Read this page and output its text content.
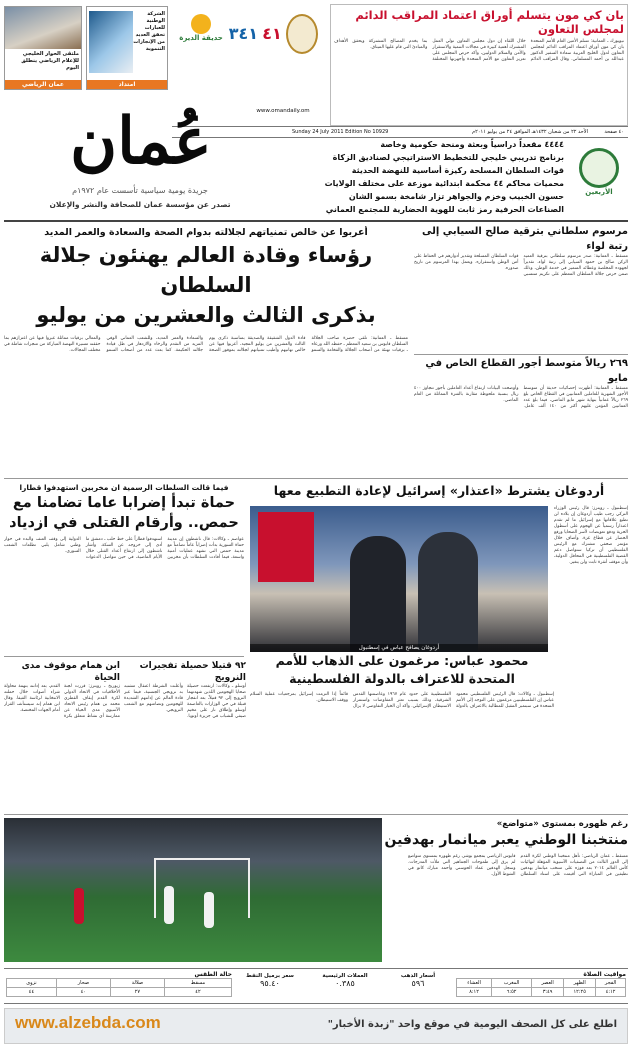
ملتقى الحوار الخليجي للإعلام الرياضي ينطلق اليوم
عمان الرياضي
الشركة الوطنية للعبارات تحقق العديد من الإنجازات التنموية
امتداد
حديقة الديرة ٣٤١ ٤١
بان كي مون يتسلم أوراق اعتماد المراقب الدائم لمجلس التعاون
نيويورك ـ العمانية: تسلم الأمين العام للأمم المتحدة بان كي مون أوراق اعتماد المراقب الدائم لمجلس التعاون لدول الخليج العربية سعادة السفير الدكتور عبدالله بن أحمد المسلماني. وقال المراقب الدائم خلال اللقاء إن دول مجلس التعاون تولي العمل المشترك أهمية كبيرة في مجالات التنمية والاستقرار والأمن والسلام الدوليين، وأكد حرص المجلس على تعزيز التعاون مع الأمم المتحدة وأجهزتها المختلفة بما يخدم المصالح المشتركة ويحقق الأهداف والمبادئ التي قام عليها الميثاق.
www.omandaily.om
٤٠ صفحة
الأحد ٢٢ من شعبان ١٤٣٢هـ الموافق ٢٤ من يوليو ٢٠١١م
Sunday 24 July 2011 Edition No 10929
عُمان
جريدة يومية سياسية تأسست عام ١٩٧٢م
تصدر عن مؤسسة عمان للصحافة والنشر والإعلان
٤٤٤٤ مقعداً دراسياً وبعثة ومنحة حكومية وخاصة
برنامج تدريبي خليجي للتخطيط الاستراتيجي لصناديق الزكاة
قوات السلطان المسلحة ركيزة أساسية للنهضة الحديثة
محميات محاكم ٤٤ محكمة ابتدائية موزعة على مختلف الولايات
حسون الخبيب وخزم والجواهر تزار شامخة بسمو الشان
الصناعات الحرفية رمز ثابت للهوية الحضارية للمجتمع العماني
الأربعين
مرسوم سلطاني بترقية صالح السيابي إلى رتبة لواء
مسقط ـ العمانية: صدر مرسوم سلطاني بترقية العميد الركن صالح بن حمود السيابي إلى رتبة لواء، تقديراً لجهوده المخلصة وعطائه المتميز في خدمة الوطن، وذلك ضمن حرص جلالة السلطان المعظم على تكريم منتسبي قوات السلطان المسلحة وتقدير أدوارهم في الحفاظ على أمن الوطن واستقراره. ويعمل بهذا المرسوم من تاريخ صدوره.
٢٦٩ ريالاً متوسط أجور القطاع الخاص في مايو
مسقط ـ العمانية: أظهرت إحصائيات حديثة أن متوسط الأجور الشهرية للعاملين العمانيين في القطاع الخاص بلغ ٢٦٩ ريالاً عمانياً بنهاية شهر مايو الماضي، فيما بلغ عدد العمانيين المؤمن عليهم أكثر من ١٤٠ ألف عامل. وأوضحت البيانات ارتفاع أعداد العاملين بأجور تتجاوز ٤٠٠ ريال بنسبة ملحوظة مقارنة بالفترة المماثلة من العام الماضي.
أعربوا عن خالص تمنياتهم لجلالته بدوام الصحة والسعادة والعمر المديد
رؤساء وقادة العالم يهنئون جلالة السلطان
بذكرى الثالث والعشرين من يوليو
مسقط ـ العمانية: تلقى حضرة صاحب الجلالة السلطان قابوس بن سعيد المعظم ـ حفظه الله ورعاه ـ برقيات تهنئة من أصحاب الجلالة والفخامة والسمو قادة الدول الشقيقة والصديقة بمناسبة ذكرى يوم الثالث والعشرين من يوليو المجيد، أعربوا فيها عن خالص تهانيهم وأطيب تمنياتهم لجلالته بموفور الصحة والسعادة والعمر المديد، وللشعب العماني الوفي المزيد من التقدم والرخاء والازدهار في ظل قيادة جلالته الحكيمة. كما بعث عدد من أصحاب السمو والمعالي برقيات مماثلة عبروا فيها عن اعتزازهم بما حققته مسيرة النهضة المباركة من منجزات شاملة في مختلف المجالات.
أردوغان يشترط «اعتذار» إسرائيل لإعادة التطبيع معها
إسطنبول ـ رويترز: قال رئيس الوزراء التركي رجب طيب أردوغان إن بلاده لن تطبع علاقاتها مع إسرائيل ما لم تقدم اعتذاراً رسمياً عن الهجوم على أسطول الحرية ودفع تعويضات لأسر الضحايا ورفع الحصار عن قطاع غزة. وأضاف خلال مؤتمر صحفي مشترك مع الرئيس الفلسطيني أن تركيا ستواصل دعم القضية الفلسطينية في المحافل الدولية، وأن موقف أنقرة ثابت ولن يتغير.
أردوغان يصافح عباس في إسطنبول
محمود عباس: مرغمون على الذهاب للأمم
المتحدة للاعتراف بالدولة الفلسطينية
إسطنبول ـ وكالات: قال الرئيس الفلسطيني محمود عباس إن الفلسطينيين مرغمون على التوجه إلى الأمم المتحدة في سبتمبر المقبل للمطالبة بالاعتراف بالدولة الفلسطينية على حدود عام ١٩٦٧ وعاصمتها القدس الشرقية، وذلك بسبب تعثر المفاوضات واستمرار الاستيطان الإسرائيلي. وأكد أن الخيار التفاوضي لا يزال قائماً إذا التزمت إسرائيل بمرجعيات عملية السلام ووقف الاستيطان.
فيما قالت السلطات الرسمية ان مخربين استهدفوا قطارا
حماة تبدأ إضرابا عاما تضامنا مع
حمص.. وأرقام القتلى في ازدياد
عواصم ـ وكالات: قال ناشطون إن مدينة حماة السورية بدأت إضراباً عاماً تضامناً مع مدينة حمص التي تشهد عمليات أمنية واسعة، فيما أفادت السلطات بأن مخربين استهدفوا قطاراً على خط حلب ـ دمشق ما أدى إلى خروجه عن السكة. وأشار ناشطون إلى ارتفاع أعداد القتلى خلال الأيام الماضية، في حين تتواصل الدعوات الدولية إلى وقف العنف والبدء في حوار وطني شامل يلبي تطلعات الشعب السوري.
٩٢ قتيلا حصيلة تفجيرات النرويج
أوسلو ـ وكالات: ارتفعت حصيلة ضحايا الهجومين اللذين شهدتهما النرويج إلى ٩٢ قتيلاً، بعد انفجار قنبلة في حي الوزارات بالعاصمة أوسلو وإطلاق نار على مخيم صيفي للشباب في جزيرة أوتويا. وأعلنت الشرطة اعتقال مشتبه به نرويجي الجنسية، فيما عبر قادة العالم عن إدانتهم الشديدة للهجومين وتضامنهم مع الشعب النرويجي.
ابن همام موقوف مدى الحياة
زيوريخ ـ رويترز: قررت لجنة الأخلاقيات في الاتحاد الدولي لكرة القدم إيقاف القطري محمد بن همام رئيس الاتحاد الآسيوي مدى الحياة عن ممارسة أي نشاط متعلق بكرة القدم، بعد إدانته بتهمة محاولة شراء أصوات خلال حملته الانتخابية لرئاسة الفيفا. وقال ابن همام إنه سيستأنف القرار أمام الجهات المختصة.
رغم ظهوره بمستوى «متواضع»
منتخبنا الوطني يعبر ميانمار بهدفين
مسقط ـ عمان الرياضي: تأهل منتخبنا الوطني لكرة القدم إلى الدور الثالث من التصفيات الآسيوية المؤهلة لنهائيات كأس العالم ٢٠١٤ بعد فوزه على منتخب ميانمار بهدفين نظيفين في المباراة التي أقيمت على استاد السلطان قابوس الرياضي بمجمع بوشر، رغم ظهوره بمستوى متواضع لم يرق إلى طموحات الجماهير التي ملأت المدرجات. وسجل الهدفين عماد الحوسني وأحمد مبارك كانو في الشوط الأول.
مواقيت الصلاة
الفجر	الظهر	العصر	المغرب	العشاء
٤:١٢	١٢:٢٥	٣:٤٩	٦:٥٢	٨:١٢
أسعار الذهب
٥٩٦
العملات الرئيسية
٠.٣٨٥
سعر برميل النفط
٩٥.٤٠
حالة الطقس
مسقط	صلالة	صحار	نزوى
٤٢	٢٧	٤٠	٤٤
www.alzebda.com	اطلع على كل الصحف اليومية في موقع واحد "زبدة الأخبار"
